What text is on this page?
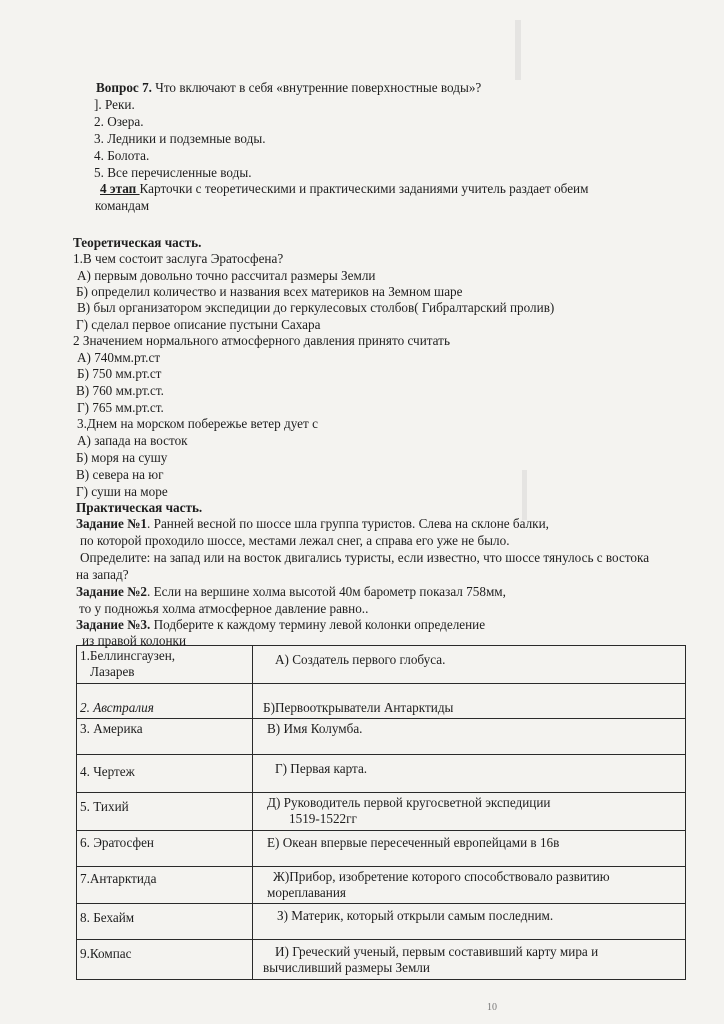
Вопрос 7. Что включают в себя «внутренние поверхностные воды»?
]. Реки.
2. Озера.
3. Ледники и подземные воды.
4. Болота.
5. Все перечисленные воды.
4 этап Карточки с теоретическими и практическими заданиями учитель раздает обеим
командам
Теоретическая часть.
1.В чем состоит заслуга Эратосфена?
А) первым довольно точно рассчитал размеры Земли
Б) определил количество и названия всех материков на Земном шаре
В) был организатором экспедиции до геркулесовых столбов( Гибралтарский пролив)
Г) сделал первое описание пустыни Сахара
2 Значением нормального атмосферного давления принято считать
А) 740мм.рт.ст
Б) 750 мм.рт.ст
В) 760 мм.рт.ст.
Г) 765 мм.рт.ст.
3.Днем на морском побережье ветер дует с
А) запада на восток
Б) моря на сушу
В) севера на юг
Г) суши на море
Практическая часть.
Задание №1. Ранней весной по шоссе шла группа туристов. Слева на склоне балки,
по которой проходило шоссе, местами лежал снег, а справа его уже не было.
Определите: на запад или на восток двигались туристы, если известно, что шоссе тянулось с востока
на запад?
Задание №2. Если на вершине холма высотой 40м барометр показал 758мм,
то у подножья холма атмосферное давление равно..
Задание №3. Подберите к каждому термину левой колонки определение
из правой колонки
1.Беллинсгаузен,
Лазарев	А) Создатель первого глобуса.

2. Австралия	Б)Первооткрыватели Антарктиды

3. Америка	В) Имя Колумба.

4. Чертеж	Г) Первая карта.

5. Тихий	Д) Руководитель первой кругосветной экспедиции
1519-1522гг

6. Эратосфен	Е) Океан впервые пересеченный европейцами в 16в

7.Антарктида	Ж)Прибор, изобретение которого способствовало развитию
мореплавания

8. Бехайм	З) Материк, который открыли самым последним.

9.Компас	И) Греческий ученый, первым составивший карту мира и
вычисливший размеры Земли
10
